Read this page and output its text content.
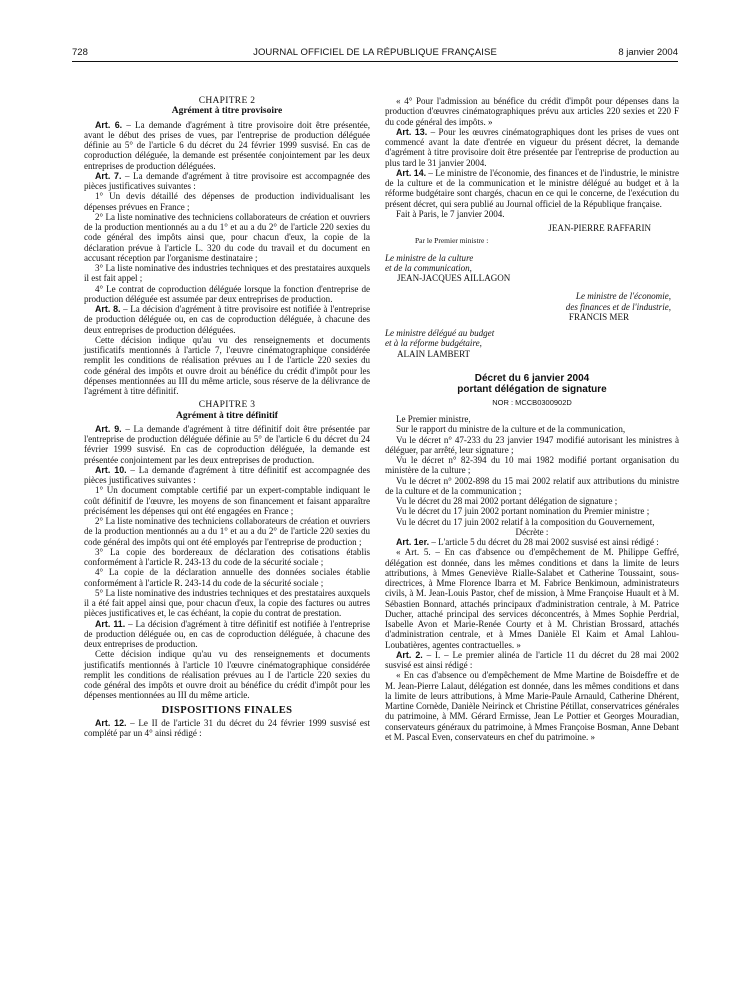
728	JOURNAL OFFICIEL DE LA RÉPUBLIQUE FRANÇAISE	8 janvier 2004

CHAPITRE 2

Agrément à titre provisoire

Art. 6. – La demande d'agrément à titre provisoire doit être présentée, avant le début des prises de vues, par l'entreprise de production déléguée définie au 5° de l'article 6 du décret du 24 février 1999 susvisé. En cas de coproduction déléguée, la demande est présentée conjointement par les deux entreprises de production déléguées.

Art. 7. – La demande d'agrément à titre provisoire est accompagnée des pièces justificatives suivantes :

1° Un devis détaillé des dépenses de production individualisant les dépenses prévues en France ;

2° La liste nominative des techniciens collaborateurs de création et ouvriers de la production mentionnés au a du 1° et au a du 2° de l'article 220 sexies du code général des impôts ainsi que, pour chacun d'eux, la copie de la déclaration prévue à l'article L. 320 du code du travail et du document en accusant réception par l'organisme destinataire ;

3° La liste nominative des industries techniques et des prestataires auxquels il est fait appel ;

4° Le contrat de coproduction déléguée lorsque la fonction d'entreprise de production déléguée est assumée par deux entreprises de production.

Art. 8. – La décision d'agrément à titre provisoire est notifiée à l'entreprise de production déléguée ou, en cas de coproduction déléguée, à chacune des deux entreprises de production déléguées.

Cette décision indique qu'au vu des renseignements et documents justificatifs mentionnés à l'article 7, l'œuvre cinématographique considérée remplit les conditions de réalisation prévues au I de l'article 220 sexies du code général des impôts et ouvre droit au bénéfice du crédit d'impôt pour les dépenses mentionnées au III du même article, sous réserve de la délivrance de l'agrément à titre définitif.

CHAPITRE 3

Agrément à titre définitif

Art. 9. – La demande d'agrément à titre définitif doit être présentée par l'entreprise de production déléguée définie au 5° de l'article 6 du décret du 24 février 1999 susvisé. En cas de coproduction déléguée, la demande est présentée conjointement par les deux entreprises de production.

Art. 10. – La demande d'agrément à titre définitif est accompagnée des pièces justificatives suivantes :

1° Un document comptable certifié par un expert-comptable indiquant le coût définitif de l'œuvre, les moyens de son financement et faisant apparaître précisément les dépenses qui ont été engagées en France ;

2° La liste nominative des techniciens collaborateurs de création et ouvriers de la production mentionnés au a du 1° et au a du 2° de l'article 220 sexies du code général des impôts qui ont été employés par l'entreprise de production ;

3° La copie des bordereaux de déclaration des cotisations établis conformément à l'article R. 243-13 du code de la sécurité sociale ;

4° La copie de la déclaration annuelle des données sociales établie conformément à l'article R. 243-14 du code de la sécurité sociale ;

5° La liste nominative des industries techniques et des prestataires auxquels il a été fait appel ainsi que, pour chacun d'eux, la copie des factures ou autres pièces justificatives et, le cas échéant, la copie du contrat de prestation.

Art. 11. – La décision d'agrément à titre définitif est notifiée à l'entreprise de production déléguée ou, en cas de coproduction déléguée, à chacune des deux entreprises de production.

Cette décision indique qu'au vu des renseignements et documents justificatifs mentionnés à l'article 10 l'œuvre cinématographique considérée remplit les conditions de réalisation prévues au I de l'article 220 sexies du code général des impôts et ouvre droit au bénéfice du crédit d'impôt pour les dépenses mentionnées au III du même article.

DISPOSITIONS FINALES

Art. 12. – Le II de l'article 31 du décret du 24 février 1999 susvisé est complété par un 4° ainsi rédigé :

« 4° Pour l'admission au bénéfice du crédit d'impôt pour dépenses dans la production d'œuvres cinématographiques prévu aux articles 220 sexies et 220 F du code général des impôts. »

Art. 13. – Pour les œuvres cinématographiques dont les prises de vues ont commencé avant la date d'entrée en vigueur du présent décret, la demande d'agrément à titre provisoire doit être présentée par l'entreprise de production au plus tard le 31 janvier 2004.

Art. 14. – Le ministre de l'économie, des finances et de l'industrie, le ministre de la culture et de la communication et le ministre délégué au budget et à la réforme budgétaire sont chargés, chacun en ce qui le concerne, de l'exécution du présent décret, qui sera publié au Journal officiel de la République française.

Fait à Paris, le 7 janvier 2004.

JEAN-PIERRE RAFFARIN

Par le Premier ministre :

Le ministre de la culture
et de la communication,

JEAN-JACQUES AILLAGON

Le ministre de l'économie,
des finances et de l'industrie,

FRANCIS MER

Le ministre délégué au budget
et à la réforme budgétaire,

ALAIN LAMBERT

Décret du 6 janvier 2004
portant délégation de signature

NOR : MCCB0300902D

Le Premier ministre,

Sur le rapport du ministre de la culture et de la communication,

Vu le décret n° 47-233 du 23 janvier 1947 modifié autorisant les ministres à déléguer, par arrêté, leur signature ;

Vu le décret n° 82-394 du 10 mai 1982 modifié portant organisation du ministère de la culture ;

Vu le décret n° 2002-898 du 15 mai 2002 relatif aux attributions du ministre de la culture et de la communication ;

Vu le décret du 28 mai 2002 portant délégation de signature ;

Vu le décret du 17 juin 2002 portant nomination du Premier ministre ;

Vu le décret du 17 juin 2002 relatif à la composition du Gouvernement,

Décrète :

Art. 1er. – L'article 5 du décret du 28 mai 2002 susvisé est ainsi rédigé :

« Art. 5. – En cas d'absence ou d'empêchement de M. Philippe Geffré, délégation est donnée, dans les mêmes conditions et dans la limite de leurs attributions, à Mmes Geneviève Rialle-Salabet et Catherine Toussaint, sous-directrices, à Mme Florence Ibarra et M. Fabrice Benkimoun, administrateurs civils, à M. Jean-Louis Pastor, chef de mission, à Mme Françoise Huault et à M. Sébastien Bonnard, attachés principaux d'administration centrale, à M. Patrice Ducher, attaché principal des services déconcentrés, à Mmes Sophie Perdrial, Isabelle Avon et Marie-Renée Courty et à M. Christian Brossard, attachés d'administration centrale, et à Mmes Danièle El Kaim et Amal Lahlou-Loubatières, agentes contractuelles. »

Art. 2. – I. – Le premier alinéa de l'article 11 du décret du 28 mai 2002 susvisé est ainsi rédigé :

« En cas d'absence ou d'empêchement de Mme Martine de Boisdeffre et de M. Jean-Pierre Lalaut, délégation est donnée, dans les mêmes conditions et dans la limite de leurs attributions, à Mme Marie-Paule Arnauld, Catherine Dhérent, Martine Cornède, Danièle Neirinck et Christine Pétillat, conservatrices générales du patrimoine, à MM. Gérard Ermisse, Jean Le Pottier et Georges Mouradian, conservateurs généraux du patrimoine, à Mmes Françoise Bosman, Anne Debant et M. Pascal Even, conservateurs en chef du patrimoine. »
